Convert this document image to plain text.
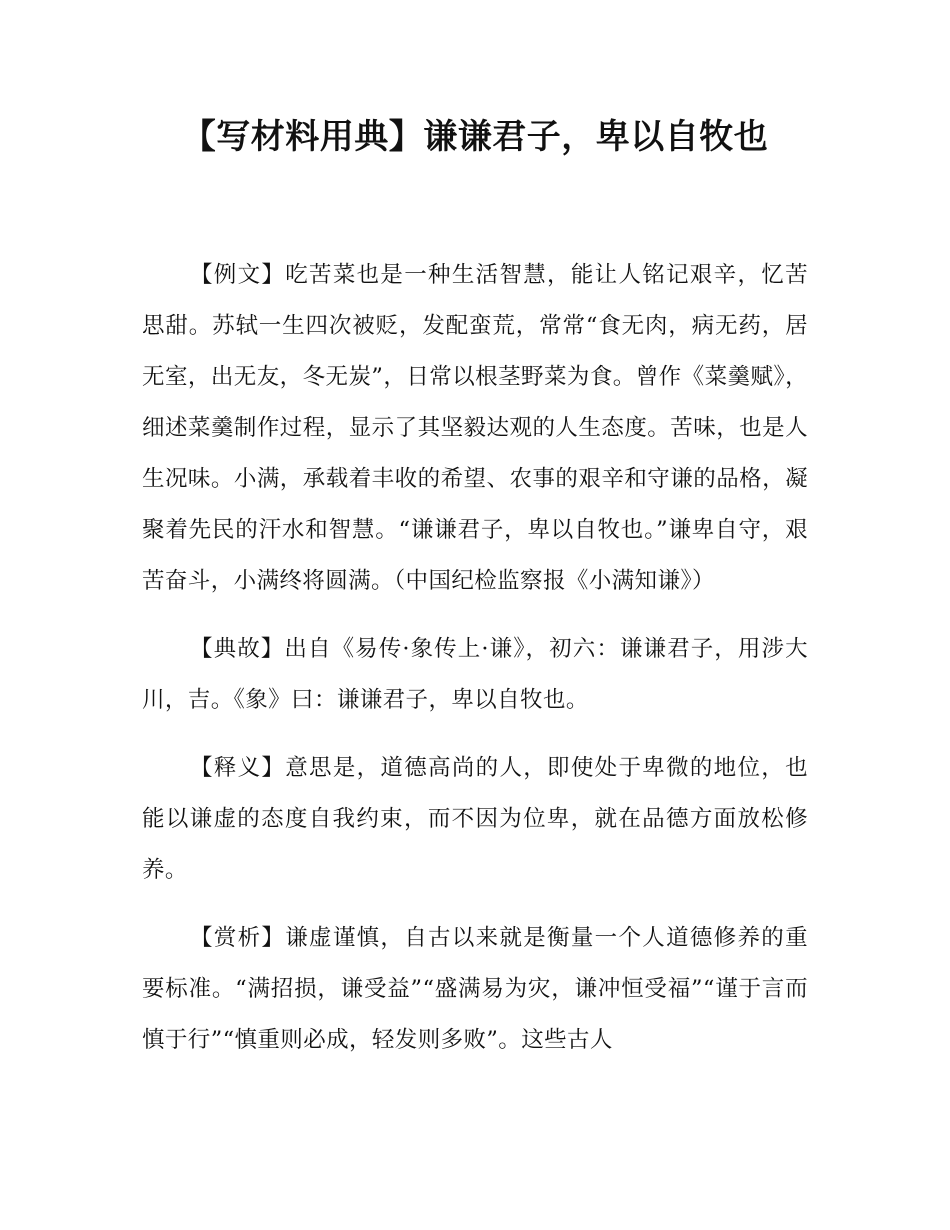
【写材料用典】谦谦君子，卑以自牧也

【例文】吃苦菜也是一种生活智慧，能让人铭记艰辛，忆苦思甜。苏轼一生四次被贬，发配蛮荒，常常“食无肉，病无药，居无室，出无友，冬无炭”，日常以根茎野菜为食。曾作《菜羹赋》，细述菜羹制作过程，显示了其坚毅达观的人生态度。苦味，也是人生况味。小满，承载着丰收的希望、农事的艰辛和守谦的品格，凝聚着先民的汗水和智慧。“谦谦君子，卑以自牧也。”谦卑自守，艰苦奋斗，小满终将圆满。（中国纪检监察报《小满知谦》）

【典故】出自《易传·象传上·谦》，初六：谦谦君子，用涉大川，吉。《象》曰：谦谦君子，卑以自牧也。

【释义】意思是，道德高尚的人，即使处于卑微的地位，也能以谦虚的态度自我约束，而不因为位卑，就在品德方面放松修养。

【赏析】谦虚谨慎，自古以来就是衡量一个人道德修养的重要标准。“满招损，谦受益”“盛满易为灾，谦冲恒受福”“谨于言而慎于行”“慎重则必成，轻发则多败”。这些古人
